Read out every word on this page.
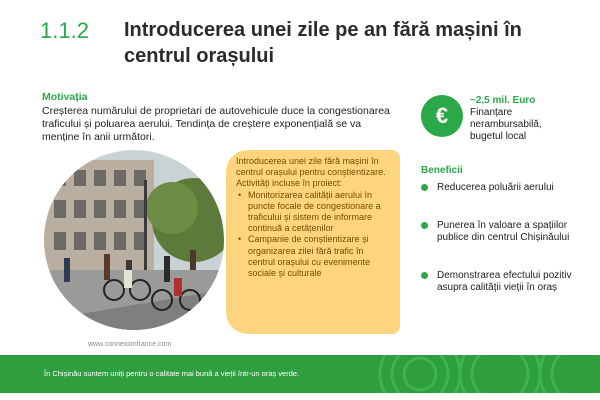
1.1.2 Introducerea unei zile pe an fără mașini în centrul orașului
Motivația
Creșterea numărului de proprietari de autovehicule duce la congestionarea traficului și poluarea aerului. Tendința de creștere exponențială se va menține în anii următori.
www.connexionfrance.com

Introducerea unei zile fără mașini în centrul orașului pentru conștientizare. Activități incluse în proiect:

• Monitorizarea calității aerului în puncte focale de congestionare a traficului și sistem de informare continuă a cetățenilor
• Campanie de conștientizare și organizarea zilei fără trafic în centrul orașului cu evenimente sociale și culturale
€
~2,5 mil. Euro
Finanțare nerambursabilă, bugetul local
Beneficii
Reducerea poluării aerului
Punerea în valoare a spațiilor publice din centrul Chișinăului
Demonstrarea efectului pozitiv asupra calității vieții în oraș
În Chișinău suntem uniți pentru o calitate mai bună a vieții într-un oraș verde.
